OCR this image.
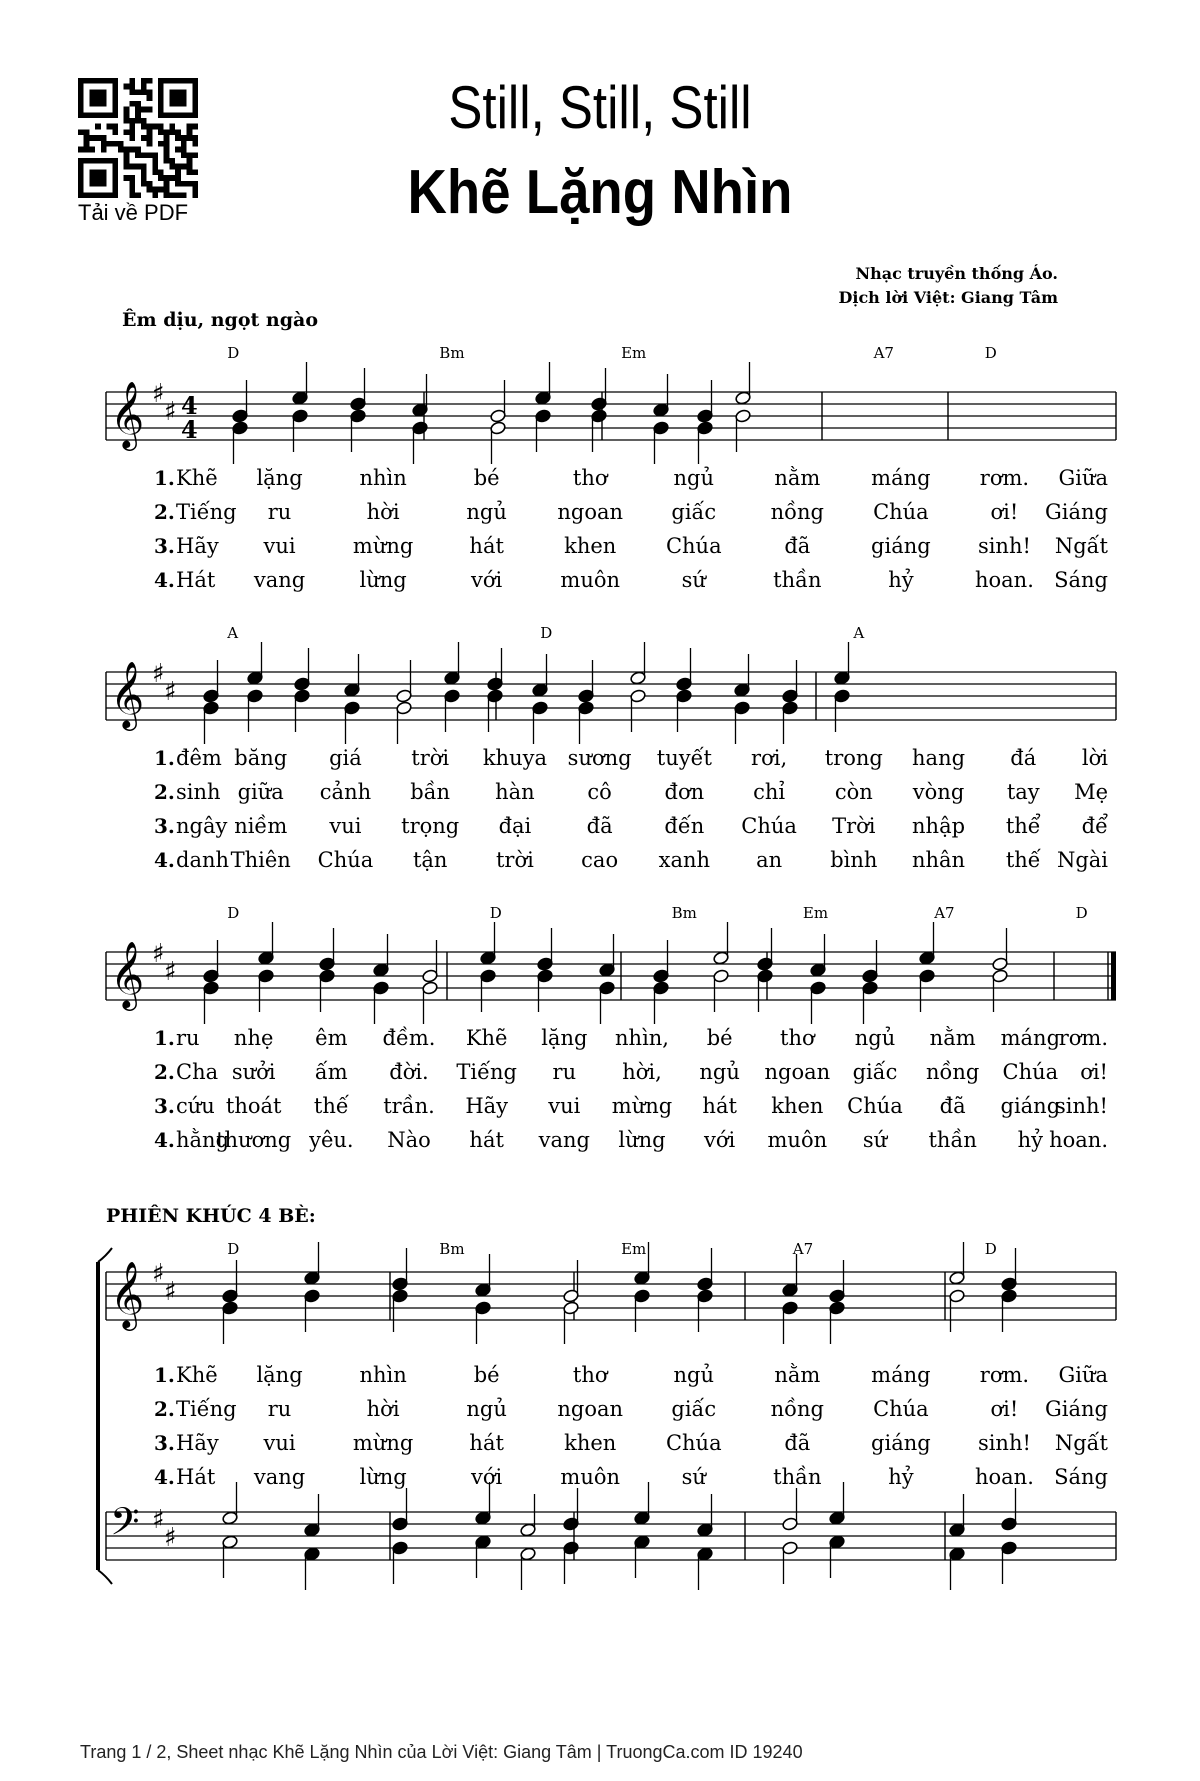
Tải về PDF
Still, Still, Still
Khẽ Lặng Nhìn
Nhạc truyền thống Áo.
Dịch lời Việt: Giang Tâm
Êm dịu, ngọt ngào
PHIÊN KHÚC 4 BÈ:
𝄞 ♯
♯ 4
4
D	Bm	Em	A7	D
1. Khẽ lặng	nhìn	bé	thơ	ngủ	nằm máng rơm. Giữa
2. Tiếng ru	hời	ngủ ngoan giấc	nồng Chúa	ơi! Giáng
3. Hãy vui	mừng	hát	khen Chúa	đã	giáng sinh! Ngất
4. Hát vang	lừng	với	muôn	sứ	thần	hỷ	hoan. Sáng
𝄞 ♯
♯
A	D	A
1. đêm băng giá trời khuya sương tuyết rơi, trong hang đá lời
2. sinh giữa cảnh bần hàn	cô	đơn chỉ còn vòng tay Mẹ
3. ngây niềm vui trọng đại	đã đến Chúa Trời nhập thể để
4. danh Thiên Chúa tận trời cao xanh an bình nhân thế Ngài
𝄞 ♯
♯
D	D	Bm	Em	A7	D
1. ru nhẹ êm đềm. Khẽ lặng nhìn, bé thơ ngủ nằm máng
rơm.
2. Cha sưởi ấm đời. Tiếng ru hời, ngủ ngoan giấc nồng Chúa ơi!
3. cứu thoát thế trần. Hãy vui mừng hát khen Chúa đã giáng
sinh!
4. hằng
thương yêu. Nào hát vang lừng với muôn sứ thần hỷ hoan.
𝄞 ♯
♯
D	Bm	Em	A7	D
1. Khẽ lặng	nhìn	bé	thơ	ngủ	nằm máng rơm. Giữa
2. Tiếng ru	hời	ngủ ngoan giấc	nồng Chúa	ơi! Giáng
3. Hãy vui	mừng	hát	khen Chúa	đã	giáng sinh! Ngất
4. Hát vang	lừng	với	muôn	sứ	thần	hỷ	hoan. Sáng
𝄢 ♯
♯
Trang 1 / 2, Sheet nhạc Khẽ Lặng Nhìn của Lời Việt: Giang Tâm | TruongCa.com ID 19240
